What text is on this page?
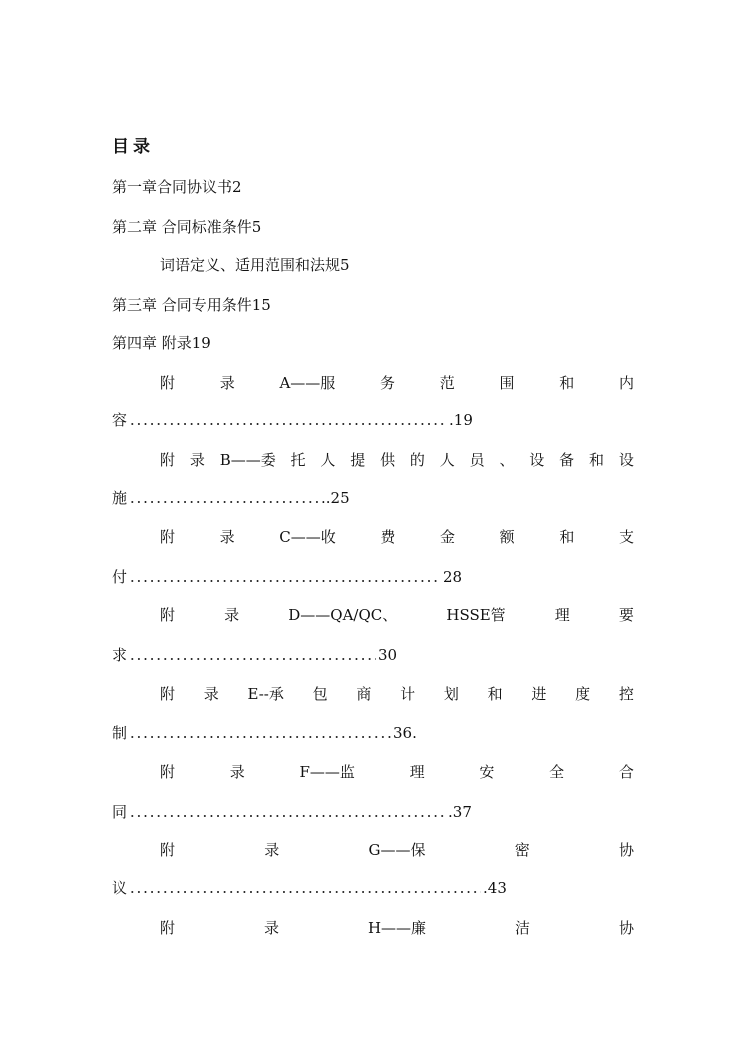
目录
第一章合同协议书2
第二章 合同标准条件5
词语定义、适用范围和法规5
第三章 合同专用条件15
第四章 附录19
附	录	A——服	务	范	围	和	内
容	.19
附 录 B——委 托 人 提 供 的 人 员 、 设 备 和 设
施	..25
附	录	C——收	费	金	额	和	支
付	28
附	录	D——QA/QC、	HSSE管	理	要
求	30
附 录 E--承 包 商 计 划 和 进 度 控
制	36.
附	录	F——监	理	安	全	合
同	.37
附	录	G——保	密	协
议	.43
附	录	H——廉	洁	协
